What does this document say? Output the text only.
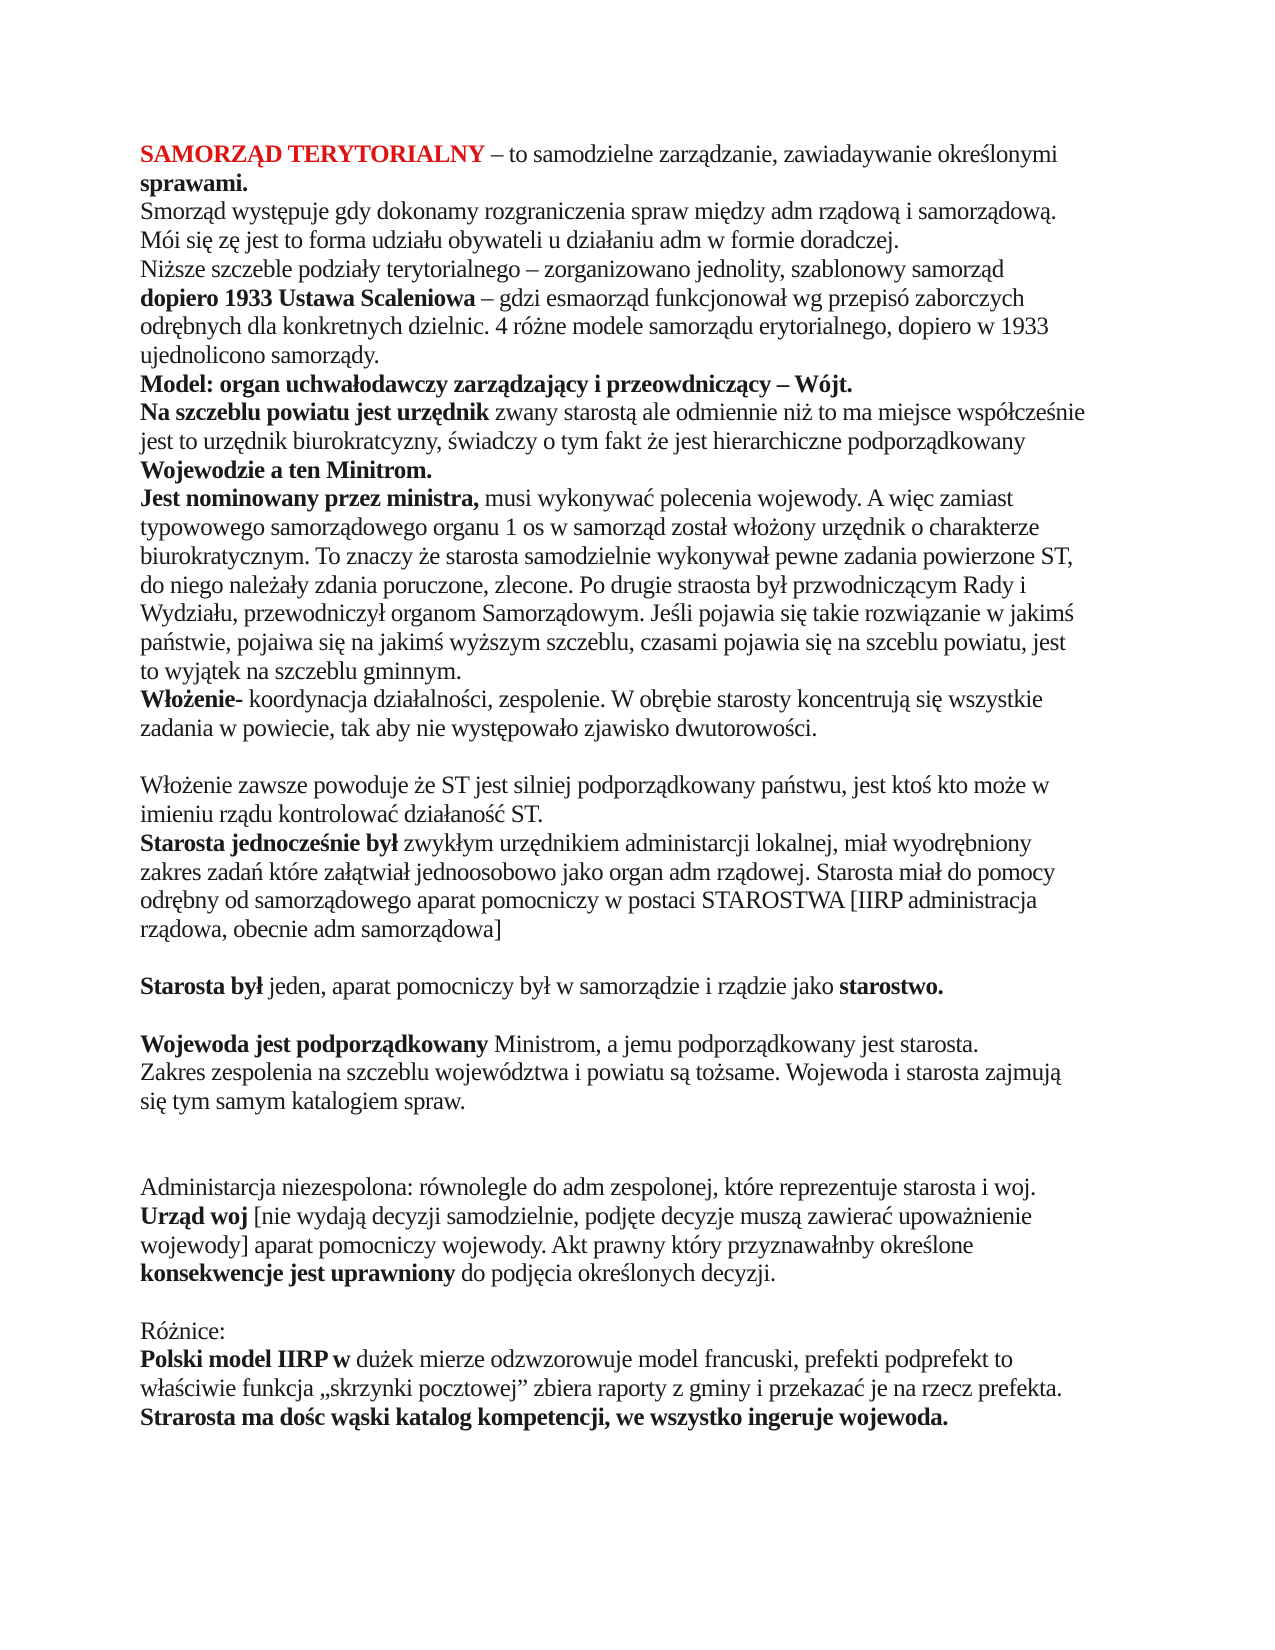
SAMORZĄD TERYTORIALNY – to samodzielne zarządzanie, zawiadaywanie określonymi
sprawami.
Smorząd występuje gdy dokonamy rozgraniczenia spraw między adm rządową i samorządową.
Mói się zę jest to forma udziału obywateli u działaniu adm w formie doradczej.
Niższe szczeble podziały terytorialnego – zorganizowano jednolity, szablonowy samorząd
dopiero 1933 Ustawa Scaleniowa – gdzi esmaorząd funkcjonował wg przepisó zaborczych
odrębnych dla konkretnych dzielnic. 4 różne modele samorządu erytorialnego, dopiero w 1933
ujednolicono samorządy.
Model: organ uchwałodawczy zarządzający i przeowdniczący – Wójt.
Na szczeblu powiatu jest urzędnik zwany starostą ale odmiennie niż to ma miejsce współcześnie
jest to urzędnik biurokratcyzny, świadczy o tym fakt że jest hierarchiczne podporządkowany
Wojewodzie a ten Minitrom.
Jest nominowany przez ministra, musi wykonywać polecenia wojewody. A więc zamiast
typowowego samorządowego organu 1 os w samorząd został włożony urzędnik o charakterze
biurokratycznym. To znaczy że starosta samodzielnie wykonywał pewne zadania powierzone ST,
do niego należały zdania poruczone, zlecone. Po drugie straosta był przwodniczącym Rady i
Wydziału, przewodniczył organom Samorządowym. Jeśli pojawia się takie rozwiązanie w jakimś
państwie, pojaiwa się na jakimś wyższym szczeblu, czasami pojawia się na szceblu powiatu, jest
to wyjątek na szczeblu gminnym.
Włożenie- koordynacja działalności, zespolenie. W obrębie starosty koncentrują się wszystkie
zadania w powiecie, tak aby nie występowało zjawisko dwutorowości.
Włożenie zawsze powoduje że ST jest silniej podporządkowany państwu, jest ktoś kto może w
imieniu rządu kontrolować działaność ST.
Starosta jednocześnie był zwykłym urzędnikiem administarcji lokalnej, miał wyodrębniony
zakres zadań które załątwiał jednoosobowo jako organ adm rządowej. Starosta miał do pomocy
odrębny od samorządowego aparat pomocniczy w postaci STAROSTWA [IIRP administracja
rządowa, obecnie adm samorządowa]
Starosta był jeden, aparat pomocniczy był w samorządzie i rządzie jako starostwo.
Wojewoda jest podporządkowany Ministrom, a jemu podporządkowany jest starosta.
Zakres zespolenia na szczeblu województwa i powiatu są tożsame. Wojewoda i starosta zajmują
się tym samym katalogiem spraw.
Administarcja niezespolona: równolegle do adm zespolonej, które reprezentuje starosta i woj.
Urząd woj [nie wydają decyzji samodzielnie, podjęte decyzje muszą zawierać upoważnienie
wojewody] aparat pomocniczy wojewody. Akt prawny który przyznawałnby określone
konsekwencje jest uprawniony do podjęcia określonych decyzji.
Różnice:
Polski model IIRP w dużek mierze odzwzorowuje model francuski, prefekti podprefekt to
właściwie funkcja „skrzynki pocztowej” zbiera raporty z gminy i przekazać je na rzecz prefekta.
Strarosta ma dośc wąski katalog kompetencji, we wszystko ingeruje wojewoda.
